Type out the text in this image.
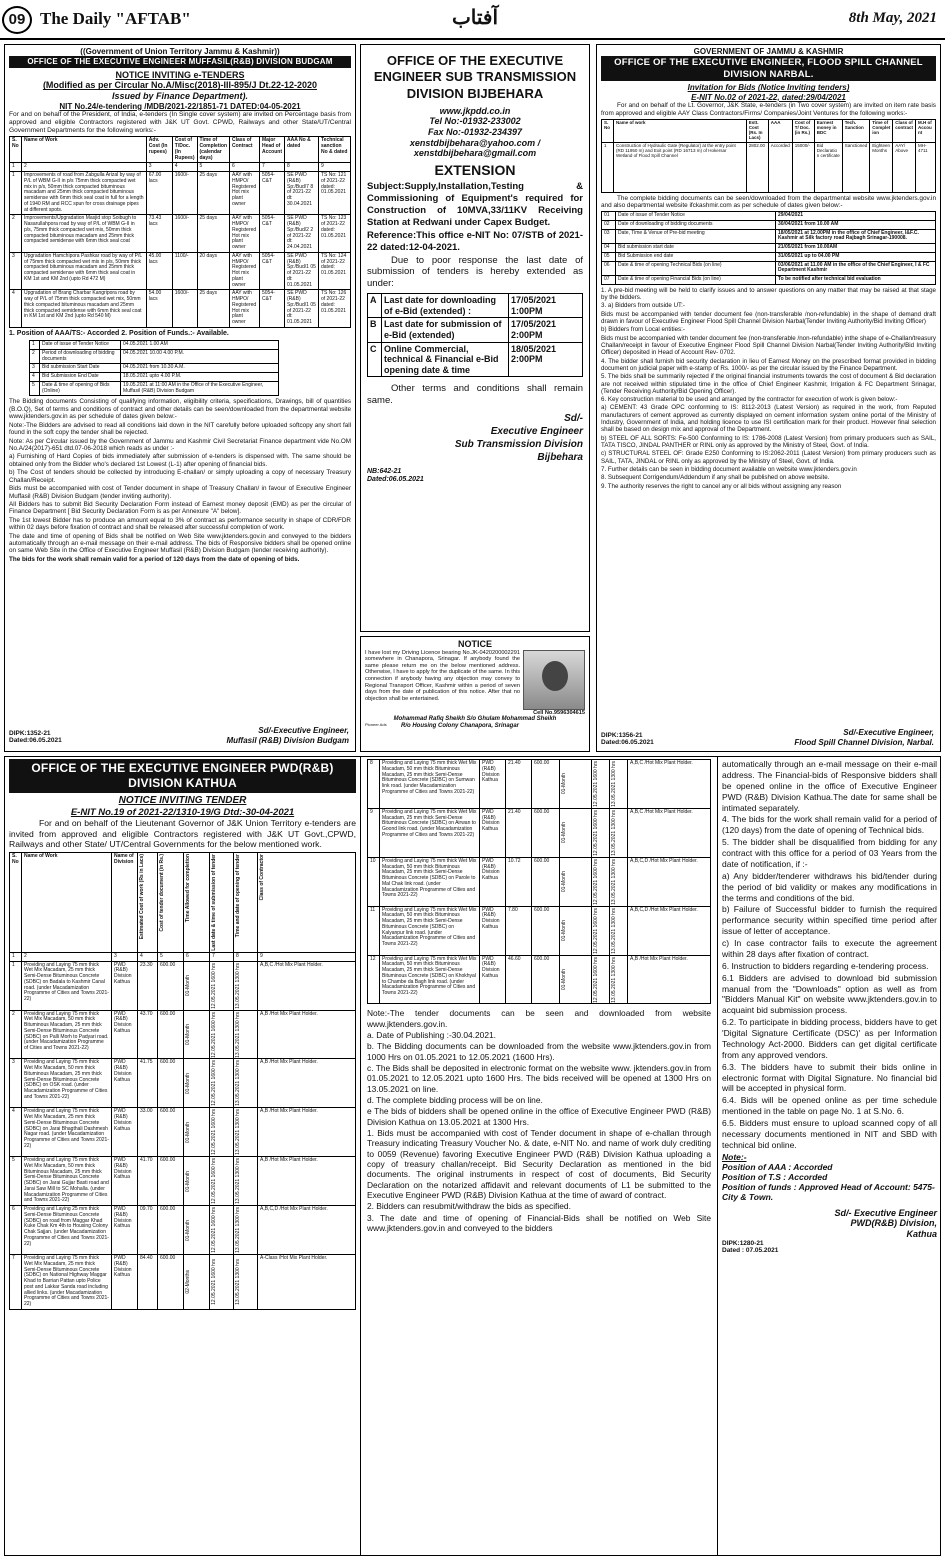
09 The Daily "AFTAB"	آفتاب	8th May, 2021
((Government of Union Territory Jammu & Kashmir))
OFFICE OF THE EXECUTIVE ENGINEER MUFFASIL(R&B) DIVISION BUDGAM
NOTICE INVITING e-TENDERS
(Modified as per Circular No.A/Misc(2018)-III-895/J Dt.22-12-2020
Issued by Finance Department).
NIT No.24/e-tendering /MDB/2021-22/1851-71 DATED:04-05-2021

For and on behalf of the President, of India, e-tenders (In Single cover system) are invited on Percentage basis from approved and eligible Contractors registered with J&K UT Govt. CPWD, Railways and other State/UT/Central Government Departments for the following works:-

S. No	Name of Work	Adv. Cost (In rupees)	Cost of T/Doc. (In Rupees)	Time of Completion (calendar days)	Class of Contract	Major Head of Account	AAA No & dated	Technical sanction No & dated
1	2	3	4	5	6	7	8	9
1	Improvements of road from Zabgulla Arizal by way of P/L of WBM G-II in p/s 75mm thick compacted wet mix in p/s, 50mm thick compacted bituminous macadam and 25mm thick compacted bituminous semidense with 6mm thick seal coat in full for a length of 1940 RM and RCC spun for cross drainage pipes at different spots.	67.00 lacs	1600/-	25 days	AAY with HMPO/ Registered Hot mix plant owner	5054- C&T	SE PWD (R&B) Sp:/Bud/7 8 of 2021-22 dt: 30.04.2021	TS No: 121 of 2021-22 dated: 01.05.2021
2	Improvements/Upgradation Masjid stop Soibugh to Nasarullahpora road by way of P/L of WBM G-II in p/s, 75mm thick compacted wet mix, 50mm thick compacted bituminous macadam and 25mm thick compacted semidense with 6mm thick seal coat	73.43 lacs	1600/-	25 days	AAY with HMPO/ Registered Hot mix plant owner	5054- C&T	SE PWD (R&B) Sp:/Bud/2 2 of 2021-22 dt: 24.04.2021	TS No: 123 of 2021-22 dated: 01.05.2021
3	Upgradation Hamchipora Pashkar road by way of P/L of 75mm thick compacted wet mix in p/s, 50mm thick compacted bituminous macadam and 25mm thick compacted semidense with 6mm thick seal coat in KM 1st and KM 2nd (upto Rd 472 M)	45.00 lacs	1100/-	20 days	AAY with HMPO/ Registered Hot mix plant owner	5054- C&T	SE PWD (R&B) Sp:/Bud/1 05 of 2021-22 dt: 01.05.2021	TS No: 124 of 2021-22 dated: 01.05.2021
4	Upgradation of Brang Charbar Kangripora road by way of P/L of 75mm thick compacted wet mix, 50mm thick compacted bituminous macadam and 25mm thick compacted semidense with 6mm thick seal coat in KM 1st and KM 2nd (upto Rd 540 M)	54.00 lacs	1600/-	25 days	AAY with HMPO/ Registered Hot mix plant owner	5054- C&T	SE PWD (R&B) Sp:/Bud/1 05 of 2021-22 dt: 01.05.2021	TS No: 126 of 2021-22 dated: 01.05.2021
1. Position of AAA/TS:- Accorded 2. Position of Funds.:- Available.
1	Date of issue of Tender Notice	04.05.2021 1.00 AM
2	Period of downloading of bidding documents	04.05.2021 10.00 4.00 P.M.
3	Bid submission Start Date	04.05.2021 from 10.30 A.M.
4	Bid Submission End Date	18.05.2021 upto 4.00 P.M.
5	Date & time of opening of Bids (Online)	19.05.2021 at 11:00 AM in the Office of the Executive Engineer, Muffasil (R&B) Division Budgam

The Bidding documents Consisting of qualifying information, eligibility criteria, specifications, Drawings, bill of quantities (B.O.Q), Set of terms and conditions of contract and other details can be seen/downloaded from the departmental website www.jktenders.gov.in as per schedule of dates given below:-

Note:-The Bidders are advised to read all conditions laid down in the NIT carefully before uploaded softcopy any short fall found in the soft copy the tender shall be rejected.

Note: As per Circular issued by the Government of Jammu and Kashmir Civil Secretariat Finance department vide No.OM No.A/24(2017)-651 dtd.07-06-2018 which reads as under :-

a) Furnishing of Hard Copies of bids immediately after submission of e-tenders is dispensed with. The same should be obtained only from the Bidder who's declared 1st Lowest (L-1) after opening of financial bids.

b) The Cost of tenders should be collected by introducing E-challan/ or simply uploading a copy of necessary Treasury Challan/Receipt.

Bids must be accompanied with cost of Tender document in shape of Treasury Challan/ in favour of Executive Engineer Muffasil (R&B) Division Budgam (tender inviting authority).

All Bidders has to submit Bid Security Declaration Form instead of Earnest money deposit (EMD) as per the circular of Finance Department [ Bid Security Declaration Form is as per Annexure "A" below].

The 1st lowest Bidder has to produce an amount equal to 3% of contract as performance security in shape of CDR/FDR within 02 days before fixation of contract and shall be released after successful completion of work.

The date and time of opening of Bids shall be notified on Web Site www.jktenders.gov.in and conveyed to the bidders automatically through an e-mail message on their e-mail address. The bids of Responsive bidders shall be opened online on same Web Site in the Office of Executive Engineer Muffasil (R&B) Division Budgam (tender receiving authority).

The bids for the work shall remain valid for a period of 120 days from the date of opening of bids.

DIPK:1352-21
Dated:06.05.2021
Sd/-Executive Engineer,
Muffasil (R&B) Division Budgam
OFFICE OF THE EXECUTIVE ENGINEER SUB TRANSMISSION DIVISION BIJBEHARA
www.jkpdd.co.in
Tel No:-01932-233002
Fax No:-01932-234397
xenstdbijbehara@yahoo.com /
xenstdbijbehara@gmail.com
EXTENSION

Subject:Supply,Installation,Testing & Commissioning of Equipment's required for Construction of 10MVA,33/11KV Receiving Station at Redwani under Capex Budget.

Reference:This office e-NIT No: 07/STB of 2021-22 dated:12-04-2021.

Due to poor response the last date of submission of tenders is hereby extended as under:

A	Last date for downloading of e-Bid (extended) :	17/05/2021 1:00PM
B	Last date for submission of e-Bid (extended)	17/05/2021 2:00PM
C	Online Commercial, technical & Financial e-Bid opening date & time	18/05/2021 2:00PM

Other terms and conditions shall remain same.

Sd/-
Executive Engineer
Sub Transmission Division
Bijbehara
NB:642-21
Dated:06.05.2021
NOTICE

I have lost my Driving Licence bearing No.JK-0420200002291 somewhere in Chanapora, Srinagar. If anybody found the same please return me on the below mentioned address. Otherwise, I have to apply for the duplicate of the same. In this connection if anybody having any objection may convey to Regional Transport Officer, Kashmir within a period of seven days from the date of publication of this notice. After that no objection shall be entertained.

Cell No.9596304615
Mohammad Rafiq Sheikh S/o Ghulam Mohammad Sheikh
Pioneer Ads	R/o Housing Colony Chanapora, Srinagar
GOVERNMENT OF JAMMU & KASHMIR
OFFICE OF THE EXECUTIVE ENGINEER, FLOOD SPILL CHANNEL DIVISION NARBAL.
Invitation for Bids (Notice Inviting tenders)
E-NIT No.02 of 2021-22, dated:29/04/2021

For and on behalf of the Lt. Governor, J&K State, e-tenders (in Two cover system) are invited on item rate basis from approved and eligible AAY Class Contractors/Firms/ Companies/Joint Ventures for the following works:-

S. No	Name of work	Estt. Cost (Rs. In Lacs)	AAA	Cost of T/ Doc. (in Rs.)	Earnest money in BDC	Tech. Sanction	Time of Complet ion	Class of contract	M.H of Accou nt
1	Construction of Hydraulic Gate (Regulator) at the entry point (RD 11950 m) and Exit point (RD 16713 m) of Hokersar Wetland of Flood Spill Channel	2802.00	Accorded	15000/-	Bid Declaratio n certificate	Sanctioned	Eighteen Months	AAY/ Above	MH- 4711

The complete bidding documents can be seen/downloaded from the departmental website www.jktenders.gov.in and also departmental website ifckashmir.com as per schedule of dates given below:-

01	Date of issue of Tender Notice	29/04/2021
02	Date of downloading of bidding documents	30/04/2021 from 10.00 AM
03	Date, Time & Venue of Pre-bid meeting	18/05/2021 at 12.00PM in the office of Chief Engineer, I&F.C. Kashmir at Silk factory road Rajbagh Srinagar-190008.
04	Bid submission start date	21/05/2021 from 10.00AM
05	Bid Submission end date	31/05/2021 up to 04.00 PM
06	Date & time of opening Technical Bids (on line)	03/06/2021 at 11.00 AM in the office of the Chief Engineer, I & FC Department Kashmir
07	Date & time of opening Financial Bids (on line)	To be notified after technical bid evaluation

1. A pre-bid meeting will be held to clarify issues and to answer questions on any matter that may be raised at that stage by the bidders.

3. a) Bidders from outside UT:-

Bids must be accompanied with tender document fee (non-transferable /non-refundable) in the shape of demand draft drawn in favour of Executive Engineer Flood Spill Channel Division Narbal(Tender Inviting Authority/Bid Inviting Officer)

b) Bidders from Local entities:-

Bids must be accompanied with tender document fee (non-transferable /non-refundable) inthe shape of e-Challan/treasury Challan/receipt in favour of Executive Engineer Flood Spill Channel Division Narbal(Tender Inviting Authority/Bid Inviting Officer) deposited in Head of Account Rev- 0702.

4. The bidder shall furnish bid security declaration in lieu of Earnest Money on the prescribed format provided in bidding document on judicial paper with e-stamp of Rs. 1000/- as per the circular issued by the Finance Department.

5. The bids shall be summarily rejected if the original financial instruments towards the cost of document & Bid declaration are not received within stipulated time in the office of Chief Engineer Kashmir, Irrigation & FC Department Srinagar, (Tender Receiving Authority/Bid Opening Officer).

6. Key construction material to be used and arranged by the contractor for execution of work is given below:-

a) CEMENT: 43 Grade OPC conforming to IS: 8112-2013 (Latest Version) as required in the work, from Reputed manufacturers of cement approved as currently displayed on cement information system online portal of the Ministry of Industry, Government of India, and holding licence to use ISI certification mark for their product. However final selection shall be based on design mix and approval of the Department.

b) STEEL OF ALL SORTS: Fe-500 Conforming to IS: 1786-2008 (Latest Version) from primary producers such as SAIL, TATA TISCO, JINDAL PANTHER or RINL only as approved by the Ministry of Steel, Govt. of India.

c) STRUCTURAL STEEL OF: Grade E250 Conforming to IS:2062-2011 (Latest Version) from primary producers such as SAIL, TATA, JINDAL or RINL only as approved by the Ministry of Steel, Govt. of India.

7. Further details can be seen in bidding document available on website www.jktenders.gov.in

8. Subsequent Corrigendum/Addendum if any shall be published on above website.

9. The authority reserves the right to cancel any or all bids without assigning any reason

DIPK:1356-21
Dated:06.05.2021
Sd/-Executive Engineer,
Flood Spill Channel Division, Narbal.
OFFICE OF THE EXECUTIVE ENGINEER PWD(R&B) DIVISION KATHUA
NOTICE INVITING TENDER
E-NIT No.19 of 2021-22/1310-19/G Dtd:-30-04-2021

For and on behalf of the Lieutenant Governor of J&K Union Territory e-tenders are invited from approved and eligible Contractors registered with J&K UT Govt.,CPWD, Railways and other State/ UT/Central Governments for the below mentioned work.

S. No	Name of Work	Name of Division	Estimated Cost of work (Rs in Lacs)	Cost of tender document (in Rs.)	Time Allowed for completion	Last date & time of submission of tender	Time and date of opening of tender	Class of Contractor

1	2	3	4	5	6	7	8	9
1	Providing and Laying 75 mm thick Wet Mix Macadam, 25 mm thick Semi-Dense Bituminous Concrete (SDBC) on Badala to Kashmir Canal road. (under Macadamization Programme of Cities and Towns 2021-22)	PWD (R&B) Division Kathua	23.30	600.00	01-Month	12.05.2021 1600 hrs	13.05.2021 1300 hrs	A,B,C /Hot Mix Plant Holder.
2	Providing and Laying 75 mm thick Wet Mix Macadam, 50 mm thick Bituminous Macadam, 25 mm thick Semi-Dense Bituminous Concrete (SDBC) on Palli Morh to Padyari road. (under Macadamization Programme of Cities and Towns 2021-22)	PWD (R&B) Division Kathua	43.70	600.00	01-Month	12.05.2021 1600 hrs	13.05.2021 1300 hrs	A,B /Hot Mix Plant Holder.
3	Providing and Laying 75 mm thick Wet Mix Macadam, 50 mm thick Bituminous Macadam, 25 mm thick Semi-Dense Bituminous Concrete (SDBC) on OSK road. (under Macadamization Programme of Cities and Towns 2021-22)	PWD (R&B) Division Kathua	41.75	600.00	01-Month	12.05.2021 1600 hrs	13.05.2021 1300 hrs	A,B /Hot Mix Plant Holder.
4	Providing and Laying 75 mm thick Wet Mix Macadam, 25 mm thick Semi-Dense Bituminous Concrete (SDBC) on Jarai Bhagthali Dashmesh Nagar road. (under Macadamization Programme of Cities and Towns 2021-22)	PWD (R&B) Division Kathua	33.00	600.00	01-Month	12.05.2021 1600 hrs	13.05.2021 1300 hrs	A,B /Hot Mix Plant Holder.
5	Providing and Laying 75 mm thick Wet Mix Macadam, 50 mm thick Bituminous Macadam, 25 mm thick Semi-Dense Bituminous Concrete (SDBC) on Jarai Gujjar Basti road and Jarai Saw Mill to SC Mohalla. (under Macadamization Programme of Cities and Towns 2021-22)	PWD (R&B) Division Kathua	41.70	600.00	01-Month	12.05.2021 1600 hrs	13.05.2021 1300 hrs	A,B /Hot Mix Plant Holder.
6	Providing and Laying 25 mm thick Semi-Dense Bituminous Concrete (SDBC) on road from Maggar Khad Kuke Chak Km 4th to Housing Colony Chak Sajjan. (under Macadamization Programme of Cities and Towns 2021-22)	PWD (R&B) Division Kathua	09.70	600.00	01-Month	12.05.2021 1600 hrs	13.05.2021 1300 hrs	A,B,C,D /Hot Mix Plant Holder.
7	Providing and Laying 75 mm thick Wet Mix Macadam, 25 mm thick Semi-Dense Bituminous Concrete (SDBC) on National Highway Maggar Khad to Barrian Pattan upto Police post and Lakkar Sanda road including allied links. (under Macadamization Programme of Cities and Towns 2021-22)	PWD (R&B) Division Kathua	84.40	600.00	02-Months	12.05.2021 1600 hrs	13.05.2021 1300 hrs	A-Class /Hot Mix Plant Holder.
8	Providing and Laying 75 mm thick Wet Mix Macadam, 50 mm thick Bituminous Macadam, 25 mm thick Semi-Dense Bituminous Concrete (SDBC) on Sumwan link road. (under Macadamization Programme of Cities and Towns 2021-22)	PWD (R&B) Division Kathua	21.40	600.00	01-Month	12.05.2021 1600 hrs	13.05.2021 1300 hrs	A,B,C /Hot Mix Plant Holder.
9	Providing and Laying 75 mm thick Wet Mix Macadam, 25 mm thick Semi-Dense Bituminous Concrete (SDBC) on Airwan to Goond link road. (under Macadamization Programme of Cities and Towns 2021-22)	PWD (R&B) Division Kathua	21.40	600.00	01-Month	12.05.2021 1600 hrs	13.05.2021 1300 hrs	A,B,C /Hot Mix Plant Holder.
10	Providing and Laying 75 mm thick Wet Mix Macadam, 50 mm thick Bituminous Macadam, 25 mm thick Semi-Dense Bituminous Concrete (SDBC) on Parole to Mal Chak link road. (under Macadamization Programme of Cities and Towns 2021-22)	PWD (R&B) Division Kathua	10.72	600.00	01-Month	12.05.2021 1600 hrs	13.05.2021 1300 hrs	A,B,C,D /Hot Mix Plant Holder.
11	Providing and Laying 75 mm thick Wet Mix Macadam, 50 mm thick Bituminous Macadam, 25 mm thick Semi-Dense Bituminous Concrete (SDBC) on Kalyanpur link road. (under Macadamization Programme of Cities and Towns 2021-22)	PWD (R&B) Division Kathua	7.80	600.00	01-Month	12.05.2021 1600 hrs	13.05.2021 1300 hrs	A,B,C,D /Hot Mix Plant Holder.
12	Providing and Laying 75 mm thick Wet Mix Macadam, 50 mm thick Bituminous Macadam, 25 mm thick Semi-Dense Bituminous Concrete (SDBC) on Khokhyal to Chambe da Bagh link road. (under Macadamization Programme of Cities and Towns 2021-22)	PWD (R&B) Division Kathua	46.60	600.00	01-Month	12.05.2021 1600 hrs	13.05.2021 1300 hrs	A,B /Hot Mix Plant Holder.

Note:-The tender documents can be seen and downloaded from website www.jktenders.gov.in.

a. Date of Publishing :-30.04.2021.

b. The Bidding documents can be downloaded from the website www.jktenders.gov.in from 1000 Hrs on 01.05.2021 to 12.05.2021 (1600 Hrs).

c. The Bids shall be deposited in electronic format on the website www. jktenders.gov.in from 01.05.2021 to 12.05.2021 upto 1600 Hrs. The bids received will be opened at 1300 Hrs on 13.05.2021 on line.

d. The complete bidding process will be on line.

e The bids of bidders shall be opened online in the office of Executive Engineer PWD (R&B) Division Kathua on 13.05.2021 at 1300 Hrs.

1. Bids must be accompanied with cost of Tender document in shape of e-challan through Treasury indicating Treasury Voucher No. & date, e-NIT No. and name of work duly crediting to 0059 (Revenue) favoring Executive Engineer PWD (R&B) Division Kathua uploading a copy of treasury challan/receipt. Bid Security Declaration as mentioned in the bid documents. The original instruments in respect of cost of documents, Bid Security Declaration on the notarized affidavit and relevant documents of L1 be submitted to the Executive Engineer PWD (R&B) Division Kathua at the time of award of contract.

2. Bidders can resubmit/withdraw the bids as specified.

3. The date and time of opening of Financial-Bids shall be notified on Web Site www.jktenders.gov.in and conveyed to the bidders

automatically through an e-mail message on their e-mail address. The Financial-bids of Responsive bidders shall be opened online in the office of Executive Engineer PWD (R&B) Division Kathua.The date for same shall be intimated separately.

4. The bids for the work shall remain valid for a period of (120 days) from the date of opening of Technical bids.

5. The bidder shall be disqualified from bidding for any contract with this office for a period of 03 Years from the date of notification, if :-

a) Any bidder/tenderer withdraws his bid/tender during the period of bid validity or makes any modifications in the terms and conditions of the bid.

b) Failure of Successful bidder to furnish the required performance security within specified time period after issue of letter of acceptance.

c) In case contractor fails to execute the agreement within 28 days after fixation of contract.

6. Instruction to bidders regarding e-tendering process.

6.1 Bidders are advised to download bid submission manual from the "Downloads" option as well as from "Bidders Manual Kit" on website www.jktenders.gov.in to acquaint bid submission process.

6.2. To participate in bidding process, bidders have to get 'Digital Signature Certificate (DSC)' as per Information Technology Act-2000. Bidders can get digital certificate from any approved vendors.

6.3. The bidders have to submit their bids online in electronic format with Digital Signature. No financial bid will be accepted in physical form.

6.4. Bids will be opened online as per time schedule mentioned in the table on page No. 1 at S.No. 6.

6.5. Bidders must ensure to upload scanned copy of all necessary documents mentioned in NIT and SBD with technical bid online.

Note:-
Position of AAA : Accorded
Position of T.S : Accorded
Position of funds : Approved Head of Account: 5475- City & Town.
Sd/- Executive Engineer
PWD(R&B) Division,
Kathua
DIPK:1280-21
Dated : 07.05.2021
